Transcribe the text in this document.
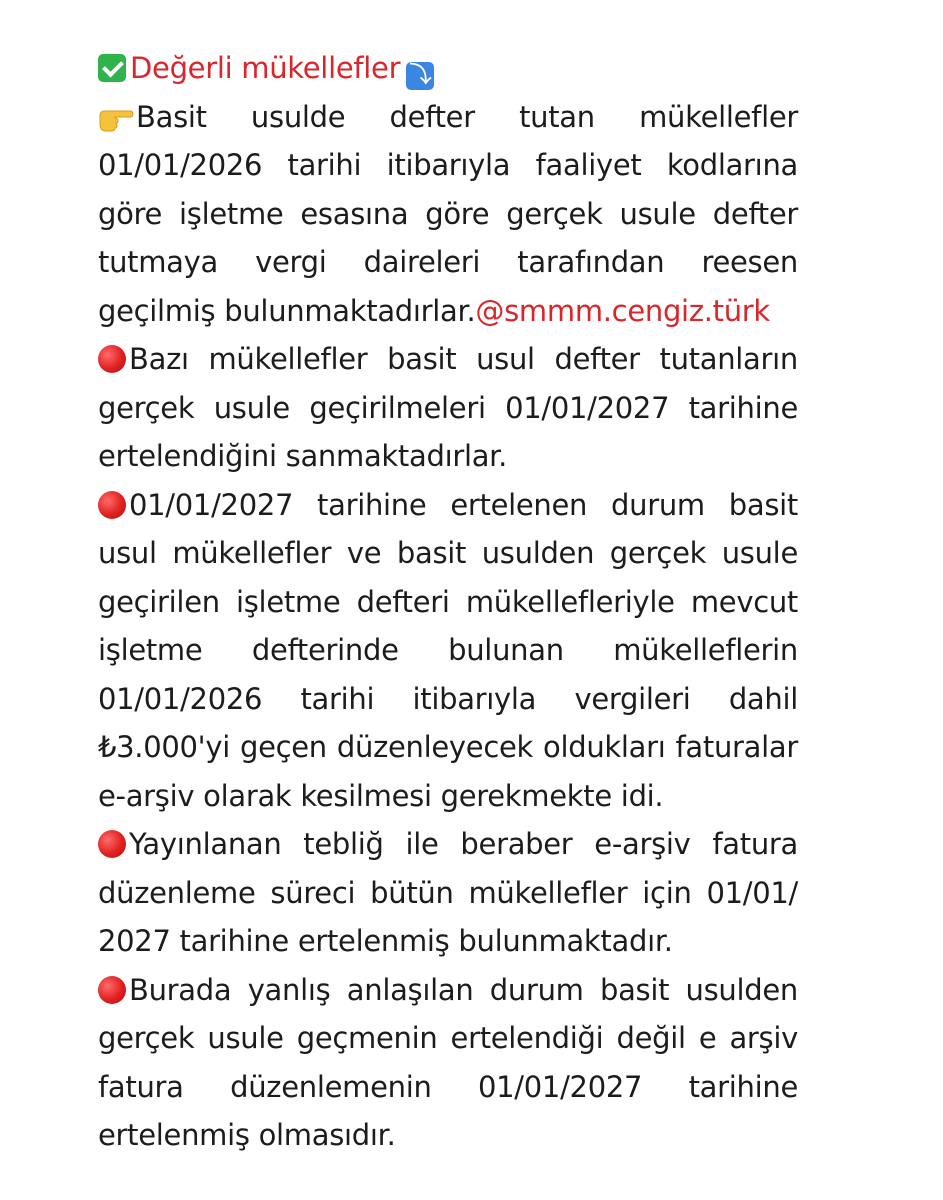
Değerli mükellefler ⤵

Basit usulde defter tutan mükellefler 01/01/2026 tarihi itibarıyla faaliyet kodlarına göre işletme esasına göre gerçek usule defter tutmaya vergi daireleri tarafından reesen geçilmiş bulunmaktadırlar.@smmm.cengiz.türk

Bazı mükellefler basit usul defter tutanların gerçek usule geçirilmeleri 01/01/2027 tarihine ertelendiğini sanmaktadırlar.

01/01/2027 tarihine ertelenen durum basit usul mükellefler ve basit usulden gerçek usule geçirilen işletme defteri mükellefleriyle mevcut işletme defterinde bulunan mükelleflerin 01/01/2026 tarihi itibarıyla vergileri dahil ₺3.000'yi geçen düzenleyecek oldukları faturalar e-arşiv olarak kesilmesi gerekmekte idi.

Yayınlanan tebliğ ile beraber e-arşiv fatura düzenleme süreci bütün mükellefler için 01/01/ 2027 tarihine ertelenmiş bulunmaktadır.

Burada yanlış anlaşılan durum basit usulden gerçek usule geçmenin ertelendiği değil e arşiv fatura düzenlemenin 01/01/2027 tarihine ertelenmiş olmasıdır.
